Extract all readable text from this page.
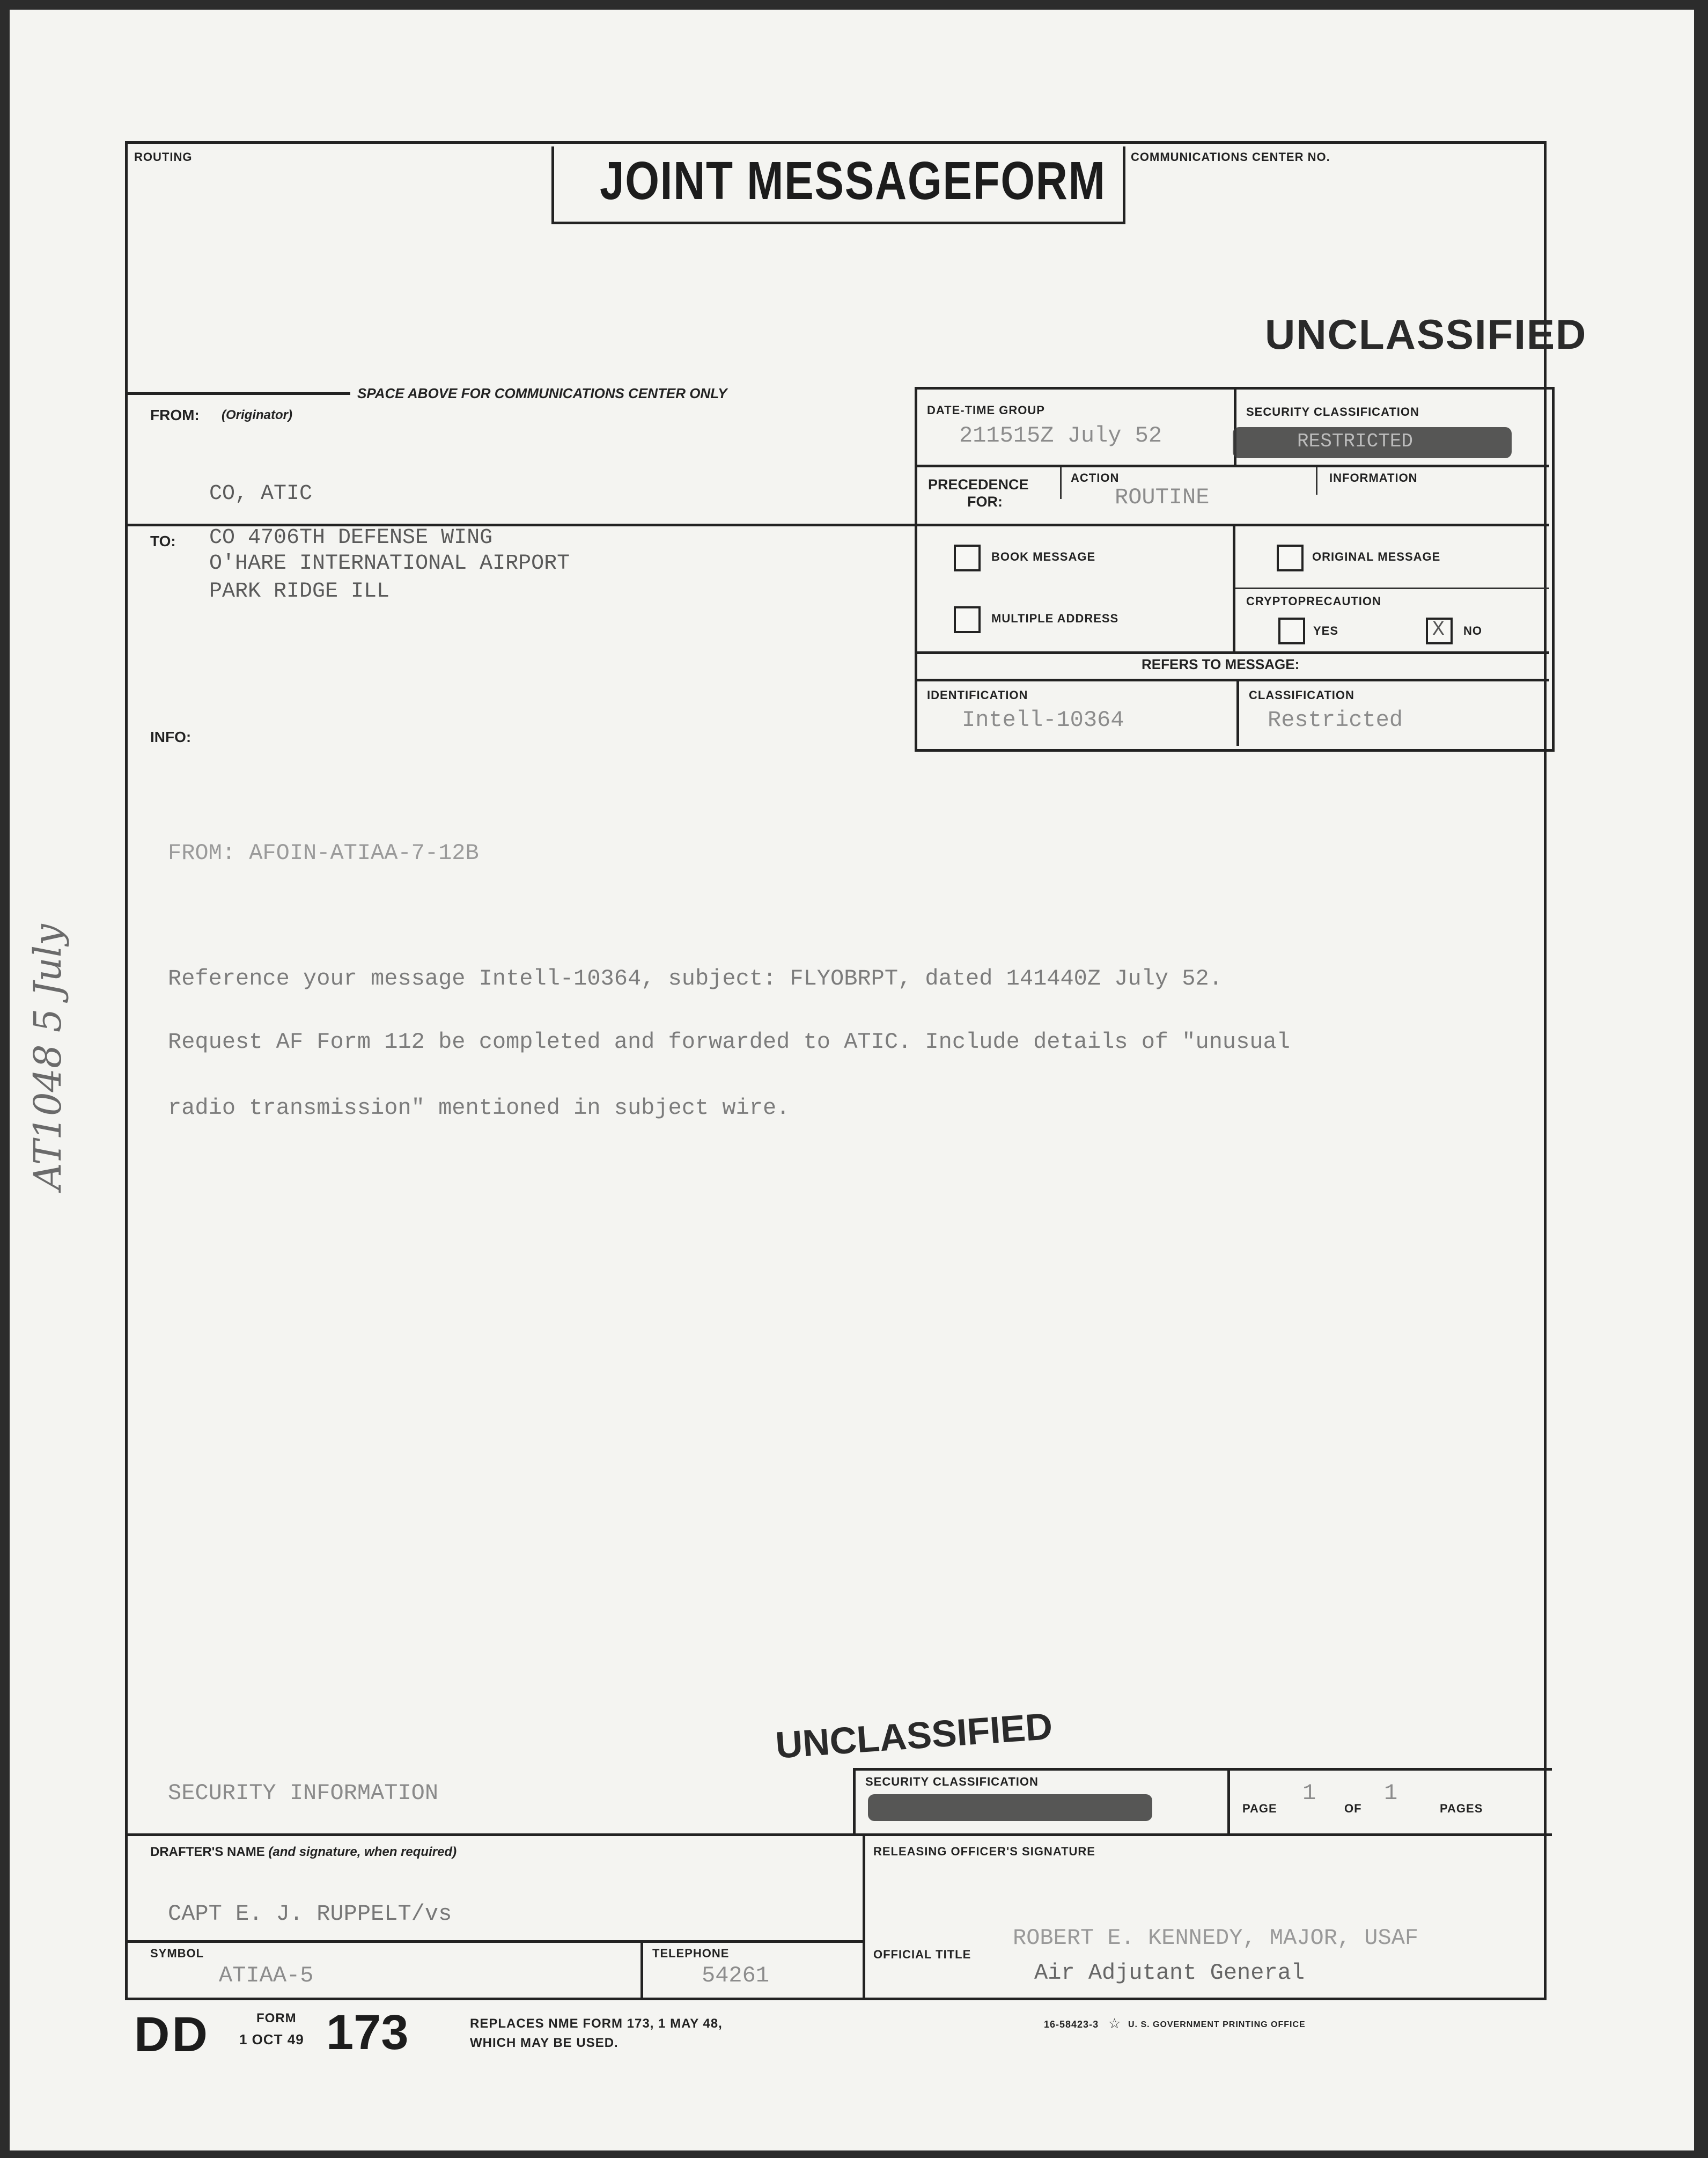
AT1048 5 July
ROUTING	JOINT MESSAGEFORM COMMUNICATIONS CENTER NO.
UNCLASSIFIED
SPACE ABOVE FOR COMMUNICATIONS CENTER ONLY
FROM: (Originator)
CO, ATIC
TO: CO 4706TH DEFENSE WING
O'HARE INTERNATIONAL AIRPORT
PARK RIDGE ILL
INFO:
DATE-TIME GROUP
211515Z July 52
SECURITY CLASSIFICATION
RESTRICTED
PRECEDENCE
FOR:
ACTION
ROUTINE
INFORMATION
BOOK MESSAGE	ORIGINAL MESSAGE
MULTIPLE ADDRESS
CRYPTOPRECAUTION
YES	X NO
REFERS TO MESSAGE:
IDENTIFICATION
Intell-10364
CLASSIFICATION
Restricted
FROM: AFOIN-ATIAA-7-12B
Reference your message Intell-10364, subject: FLYOBRPT, dated 141440Z July 52.
Request AF Form 112 be completed and forwarded to ATIC. Include details of "unusual
radio transmission" mentioned in subject wire.
UNCLASSIFIED
SECURITY INFORMATION	SECURITY CLASSIFICATION
PAGE
1
OF
1
PAGES
DRAFTER'S NAME (and signature, when required)
CAPT E. J. RUPPELT/vs
RELEASING OFFICER'S SIGNATURE
SYMBOL
ATIAA-5
TELEPHONE
54261
OFFICIAL TITLE
ROBERT E. KENNEDY, MAJOR, USAF
Air Adjutant General
DD	FORM
1 OCT 49 173	REPLACES NME FORM 173, 1 MAY 48,
WHICH MAY BE USED.
16-58423-3 ☆ U. S. GOVERNMENT PRINTING OFFICE
